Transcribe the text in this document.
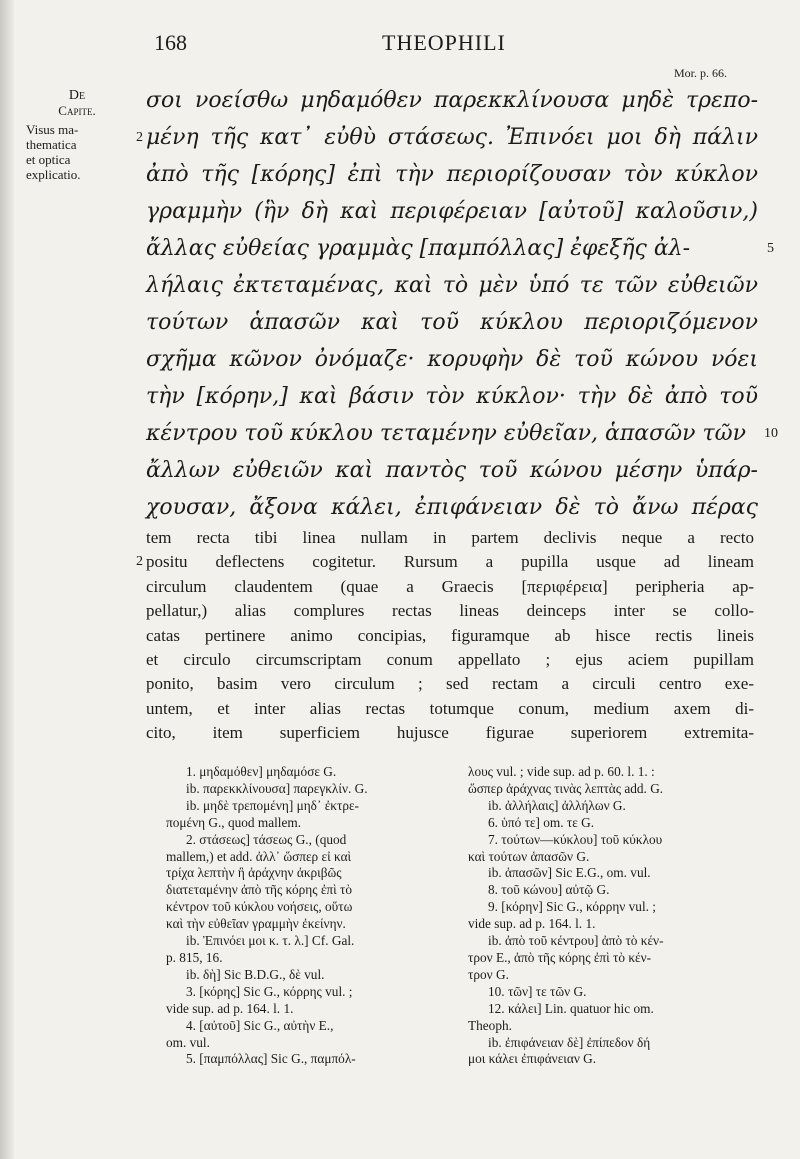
168	THEOPHILI
Mor. p. 66.
De
Capite.
Visus ma-
thematica
et optica
explicatio.
σοι νοείσθω μηδαμόθεν παρεκκλίνουσα μηδὲ τρεπο-
2 μένη τῆς κατ᾽ εὐθὺ στάσεως. Ἐπινόει μοι δὴ πάλιν
ἀπὸ τῆς [κόρης] ἐπὶ τὴν περιορίζουσαν τὸν κύκλον
γραμμὴν (ἣν δὴ καὶ περιφέρειαν [αὐτοῦ] καλοῦσιν,)
ἄλλας εὐθείας γραμμὰς [παμπόλλας] ἐφεξῆς ἀλ-	5
λήλαις ἐκτεταμένας, καὶ τὸ μὲν ὑπό τε τῶν εὐθειῶν
τούτων ἁπασῶν καὶ τοῦ κύκλου περιοριζόμενον
σχῆμα κῶνον ὀνόμαζε· κορυφὴν δὲ τοῦ κώνου νόει
τὴν [κόρην,] καὶ βάσιν τὸν κύκλον· τὴν δὲ ἀπὸ τοῦ
κέντρου τοῦ κύκλου τεταμένην εὐθεῖαν, ἁπασῶν τῶν 10
ἄλλων εὐθειῶν καὶ παντὸς τοῦ κώνου μέσην ὑπάρ-
χουσαν, ἄξονα κάλει, ἐπιφάνειαν δὲ τὸ ἄνω πέρας
tem recta tibi linea nullam in partem declivis neque a recto
2 positu deflectens cogitetur. Rursum a pupilla usque ad lineam
circulum claudentem (quae a Graecis [περιφέρεια] peripheria ap-
pellatur,) alias complures rectas lineas deinceps inter se collo-
catas pertinere animo concipias, figuramque ab hisce rectis lineis
et circulo circumscriptam conum appellato ; ejus aciem pupillam
ponito, basim vero circulum ; sed rectam a circuli centro exe-
untem, et inter alias rectas totumque conum, medium axem di-
cito, item superficiem hujusce figurae superiorem extremita-
1. μηδαμόθεν] μηδαμόσε G.
ib. παρεκκλίνουσα] παρεγκλίν. G.
ib. μηδὲ τρεπομένη] μηδ᾽ ἐκτρε-
πομένη G., quod mallem.
2. στάσεως] τάσεως G., (quod
mallem,) et add. ἀλλ᾽ ὥσπερ εἰ καὶ
τρίχα λεπτὴν ἢ ἀράχνην ἀκριβῶς
διατεταμένην ἀπὸ τῆς κόρης ἐπὶ τὸ
κέντρον τοῦ κύκλου νοήσεις, οὕτω
καὶ τὴν εὐθεῖαν γραμμὴν ἐκείνην.
ib. Ἐπινόει μοι κ. τ. λ.] Cf. Gal.
p. 815, 16.
ib. δὴ] Sic B.D.G., δὲ vul.
3. [κόρης] Sic G., κόρρης vul. ;
vide sup. ad p. 164. l. 1.
4. [αὐτοῦ] Sic G., αὐτὴν E.,
om. vul.
5. [παμπόλλας] Sic G., παμπόλ-
λους vul. ; vide sup. ad p. 60. l. 1. :
ὥσπερ ἀράχνας τινὰς λεπτὰς add. G.
ib. ἀλλήλαις] ἀλλήλων G.
6. ὑπό τε] om. τε G.
7. τούτων—κύκλου] τοῦ κύκλου
καὶ τούτων ἁπασῶν G.
ib. ἁπασῶν] Sic E.G., om. vul.
8. τοῦ κώνου] αὐτῷ G.
9. [κόρην] Sic G., κόρρην vul. ;
vide sup. ad p. 164. l. 1.
ib. ἀπὸ τοῦ κέντρου] ἀπὸ τὸ κέν-
τρον E., ἀπὸ τῆς κόρης ἐπὶ τὸ κέν-
τρον G.
10. τῶν] τε τῶν G.
12. κάλει] Lin. quatuor hic om.
Theoph.
ib. ἐπιφάνειαν δὲ] ἐπίπεδον δή
μοι κάλει ἐπιφάνειαν G.
